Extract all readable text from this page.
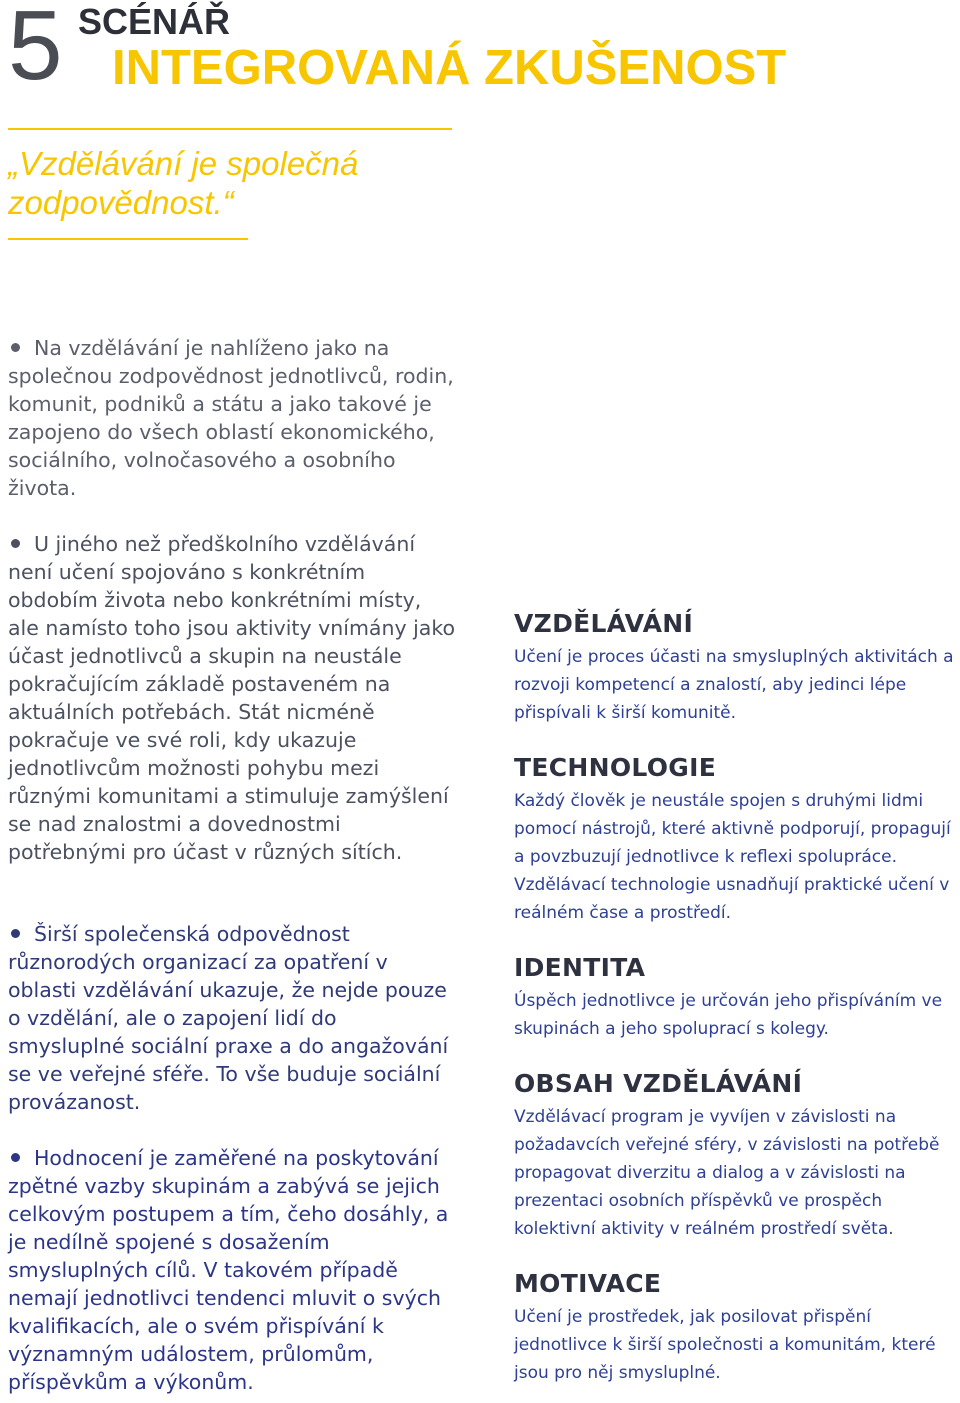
5 SCÉNÁŘ
INTEGROVANÁ ZKUŠENOST
„Vzdělávání je společná zodpovědnost.“

Na vzdělávání je nahlíženo jako na společnou zodpovědnost jednotlivců, rodin, komunit, podniků a státu a jako takové je zapojeno do všech oblastí ekonomického, sociálního, volnočasového a osobního života.

U jiného než předškolního vzdělávání není učení spojováno s konkrétním obdobím života nebo konkrétními místy, ale namísto toho jsou aktivity vnímány jako účast jednotlivců a skupin na neustále pokračujícím základě postaveném na aktuálních potřebách. Stát nicméně pokračuje ve své roli, kdy ukazuje jednotlivcům možnosti pohybu mezi různými komunitami a stimuluje zamýšlení se nad znalostmi a dovednostmi potřebnými pro účast v různých sítích.

Širší společenská odpovědnost různorodých organizací za opatření v oblasti vzdělávání ukazuje, že nejde pouze o vzdělání, ale o zapojení lidí do smysluplné sociální praxe a do angažování se ve veřejné sféře. To vše buduje sociální provázanost.

Hodnocení je zaměřené na poskytování zpětné vazby skupinám a zabývá se jejich celkovým postupem a tím, čeho dosáhly, a je nedílně spojené s dosažením smysluplných cílů. V takovém případě nemají jednotlivci tendenci mluvit o svých kvalifikacích, ale o svém přispívání k významným událostem, průlomům, příspěvkům a výkonům.

VZDĚLÁVÁNÍ

Učení je proces účasti na smysluplných aktivitách a rozvoji kompetencí a znalostí, aby jedinci lépe přispívali k širší komunitě.

TECHNOLOGIE

Každý člověk je neustále spojen s druhými lidmi pomocí nástrojů, které aktivně podporují, propagují a povzbuzují jednotlivce k reflexi spolupráce. Vzdělávací technologie usnadňují praktické učení v reálném čase a prostředí.

IDENTITA

Úspěch jednotlivce je určován jeho přispíváním ve skupinách a jeho spoluprací s kolegy.

OBSAH VZDĚLÁVÁNÍ

Vzdělávací program je vyvíjen v závislosti na požadavcích veřejné sféry, v závislosti na potřebě propagovat diverzitu a dialog a v závislosti na prezentaci osobních příspěvků ve prospěch kolektivní aktivity v reálném prostředí světa.

MOTIVACE

Učení je prostředek, jak posilovat přispění jednotlivce k širší společnosti a komunitám, které jsou pro něj smysluplné.
